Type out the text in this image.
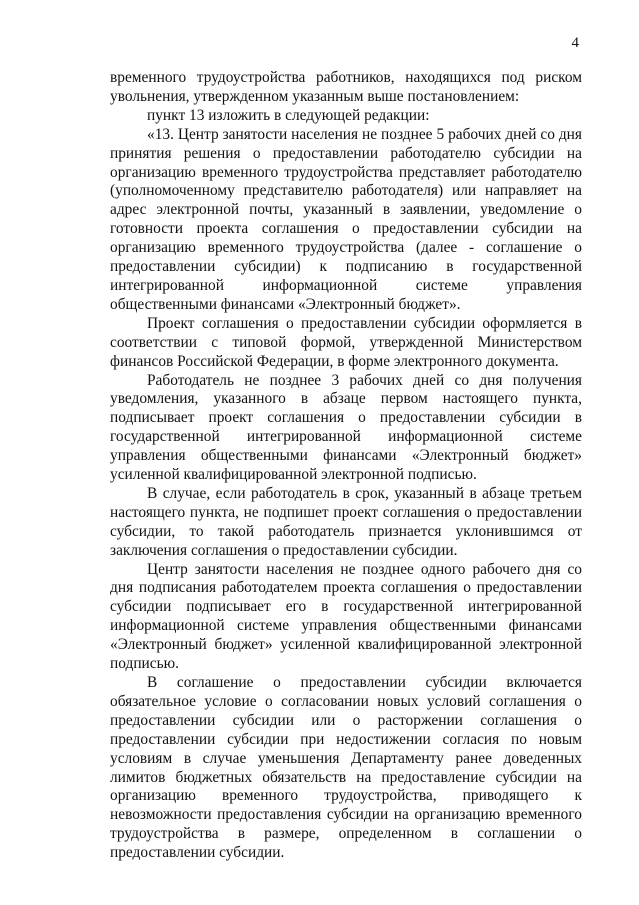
4

временного трудоустройства работников, находящихся под риском увольнения, утвержденном указанным выше постановлением:

пункт 13 изложить в следующей редакции:

«13. Центр занятости населения не позднее 5 рабочих дней со дня принятия решения о предоставлении работодателю субсидии на организацию временного трудоустройства представляет работодателю (уполномоченному представителю работодателя) или направляет на адрес электронной почты, указанный в заявлении, уведомление о готовности проекта соглашения о предоставлении субсидии на организацию временного трудоустройства (далее - соглашение о предоставлении субсидии) к подписанию в государственной интегрированной информационной системе управления общественными финансами «Электронный бюджет».

Проект соглашения о предоставлении субсидии оформляется в соответствии с типовой формой, утвержденной Министерством финансов Российской Федерации, в форме электронного документа.

Работодатель не позднее 3 рабочих дней со дня получения уведомления, указанного в абзаце первом настоящего пункта, подписывает проект соглашения о предоставлении субсидии в государственной интегрированной информационной системе управления общественными финансами «Электронный бюджет» усиленной квалифицированной электронной подписью.

В случае, если работодатель в срок, указанный в абзаце третьем настоящего пункта, не подпишет проект соглашения о предоставлении субсидии, то такой работодатель признается уклонившимся от заключения соглашения о предоставлении субсидии.

Центр занятости населения не позднее одного рабочего дня со дня подписания работодателем проекта соглашения о предоставлении субсидии подписывает его в государственной интегрированной информационной системе управления общественными финансами «Электронный бюджет» усиленной квалифицированной электронной подписью.

В соглашение о предоставлении субсидии включается обязательное условие о согласовании новых условий соглашения о предоставлении субсидии или о расторжении соглашения о предоставлении субсидии при недостижении согласия по новым условиям в случае уменьшения Департаменту ранее доведенных лимитов бюджетных обязательств на предоставление субсидии на организацию временного трудоустройства, приводящего к невозможности предоставления субсидии на организацию временного трудоустройства в размере, определенном в соглашении о предоставлении субсидии.
